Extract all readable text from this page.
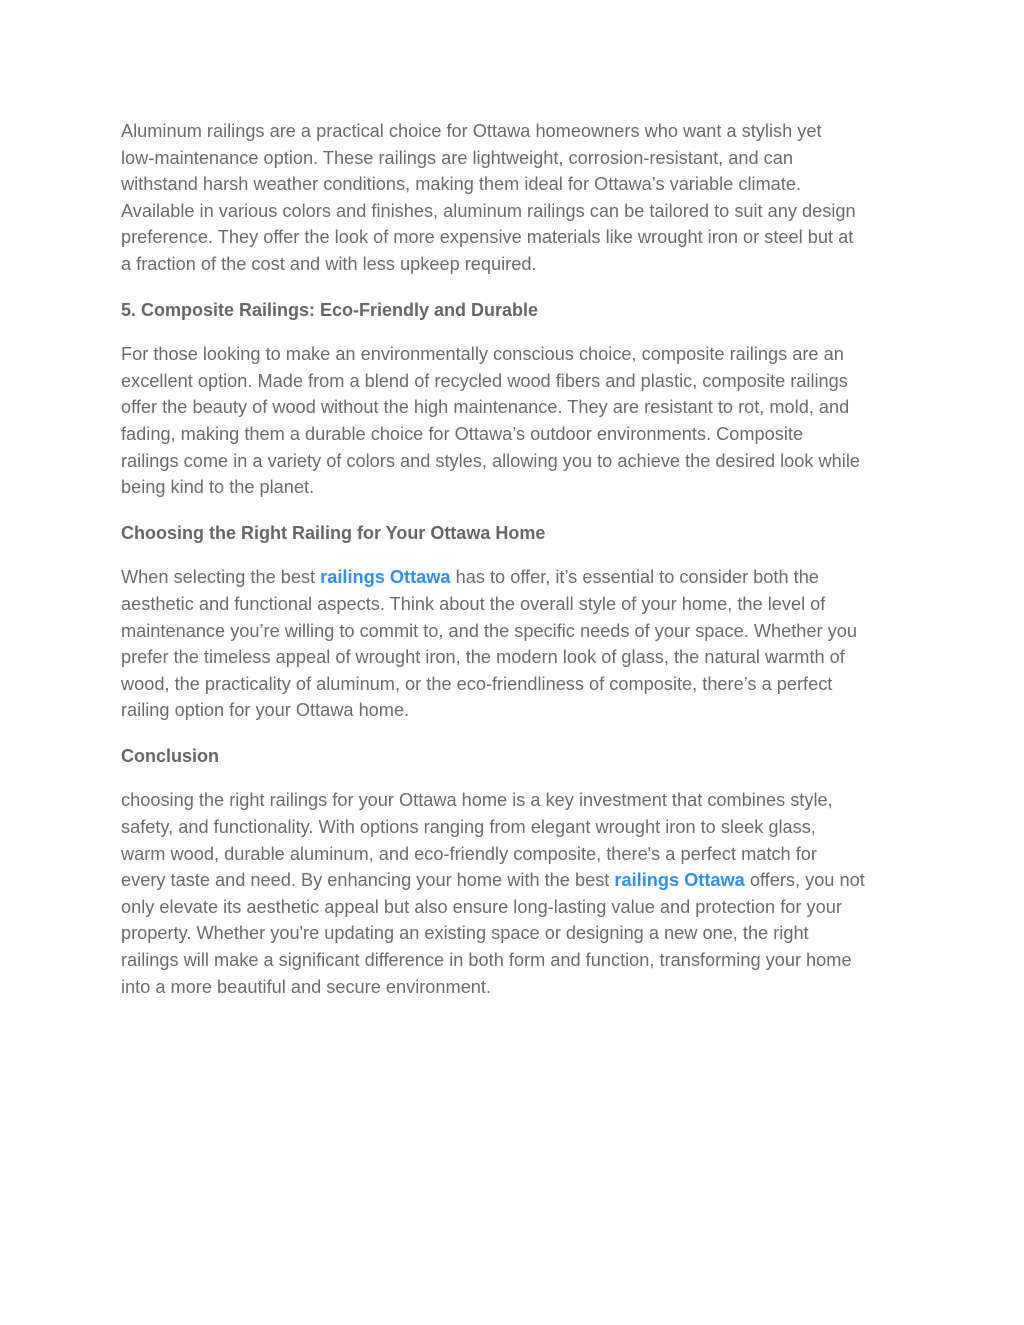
Aluminum railings are a practical choice for Ottawa homeowners who want a stylish yet
low-maintenance option. These railings are lightweight, corrosion-resistant, and can
withstand harsh weather conditions, making them ideal for Ottawa’s variable climate.
Available in various colors and finishes, aluminum railings can be tailored to suit any design
preference. They offer the look of more expensive materials like wrought iron or steel but at
a fraction of the cost and with less upkeep required.

5. Composite Railings: Eco-Friendly and Durable

For those looking to make an environmentally conscious choice, composite railings are an
excellent option. Made from a blend of recycled wood fibers and plastic, composite railings
offer the beauty of wood without the high maintenance. They are resistant to rot, mold, and
fading, making them a durable choice for Ottawa’s outdoor environments. Composite
railings come in a variety of colors and styles, allowing you to achieve the desired look while
being kind to the planet.

Choosing the Right Railing for Your Ottawa Home

When selecting the best railings Ottawa has to offer, it’s essential to consider both the
aesthetic and functional aspects. Think about the overall style of your home, the level of
maintenance you’re willing to commit to, and the specific needs of your space. Whether you
prefer the timeless appeal of wrought iron, the modern look of glass, the natural warmth of
wood, the practicality of aluminum, or the eco-friendliness of composite, there’s a perfect
railing option for your Ottawa home.

Conclusion

choosing the right railings for your Ottawa home is a key investment that combines style,
safety, and functionality. With options ranging from elegant wrought iron to sleek glass,
warm wood, durable aluminum, and eco-friendly composite, there's a perfect match for
every taste and need. By enhancing your home with the best railings Ottawa offers, you not
only elevate its aesthetic appeal but also ensure long-lasting value and protection for your
property. Whether you're updating an existing space or designing a new one, the right
railings will make a significant difference in both form and function, transforming your home
into a more beautiful and secure environment.
